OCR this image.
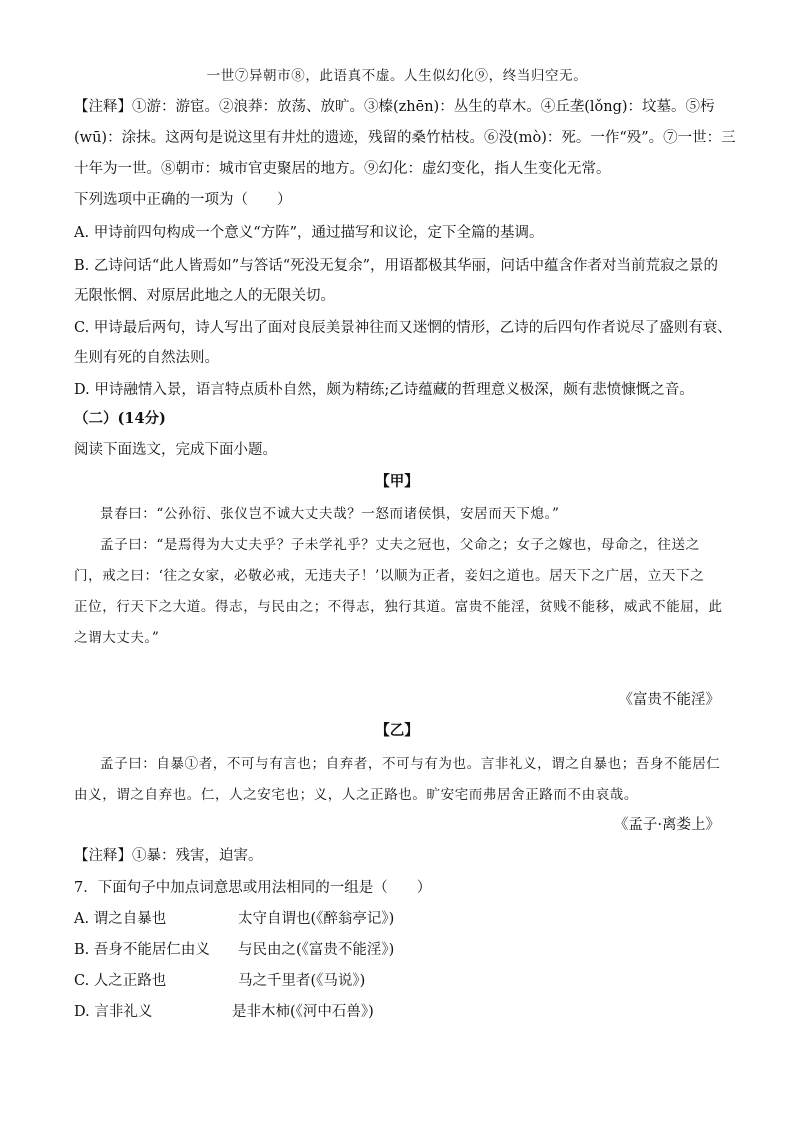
一世⑦异朝市⑧，此语真不虚。人生似幻化⑨，终当归空无。
【注释】①游：游宦。②浪莽：放荡、放旷。③榛(zhēn)：丛生的草木。④丘垄(lǒng)：坟墓。⑤杇
(wū)：涂抹。这两句是说这里有井灶的遗迹，残留的桑竹枯枝。⑥没(mò)：死。一作“殁”。⑦一世：三
十年为一世。⑧朝市：城市官吏聚居的地方。⑨幻化：虚幻变化，指人生变化无常。
下列选项中正确的一项为（　　）
A. 甲诗前四句构成一个意义“方阵”，通过描写和议论，定下全篇的基调。
B. 乙诗问话“此人皆焉如”与答话“死没无复余”，用语都极其华丽，问话中蕴含作者对当前荒寂之景的
无限怅惘、对原居此地之人的无限关切。
C. 甲诗最后两句，诗人写出了面对良辰美景神往而又迷惘的情形，乙诗的后四句作者说尽了盛则有衰、
生则有死的自然法则。
D. 甲诗融情入景，语言特点质朴自然，颇为精练;乙诗蕴藏的哲理意义极深，颇有悲愤慷慨之音。
（二）(14分)
阅读下面选文，完成下面小题。
【甲】
景春曰：“公孙衍、张仪岂不诚大丈夫哉？一怒而诸侯惧，安居而天下熄。”
孟子曰：“是焉得为大丈夫乎？子未学礼乎？丈夫之冠也，父命之；女子之嫁也，母命之，往送之
门，戒之曰：‘往之女家，必敬必戒，无违夫子！’以顺为正者，妾妇之道也。居天下之广居，立天下之
正位，行天下之大道。得志，与民由之；不得志，独行其道。富贵不能淫，贫贱不能移，威武不能屈，此
之谓大丈夫。”
《富贵不能淫》
【乙】
孟子曰：自暴①者，不可与有言也；自弃者，不可与有为也。言非礼义，谓之自暴也；吾身不能居仁
由义，谓之自弃也。仁，人之安宅也；义，人之正路也。旷安宅而弗居舍正路而不由哀哉。
《孟子·离娄上》
【注释】①暴：残害，迫害。
7．下面句子中加点词意思或用法相同的一组是（　　）
A. 谓之自暴也	太守自谓也(《醉翁亭记》)
B. 吾身不能居仁由义 与民由之(《富贵不能淫》)
C. 人之正路也	马之千里者(《马说》)
D. 言非礼义	是非木柿(《河中石兽》)
